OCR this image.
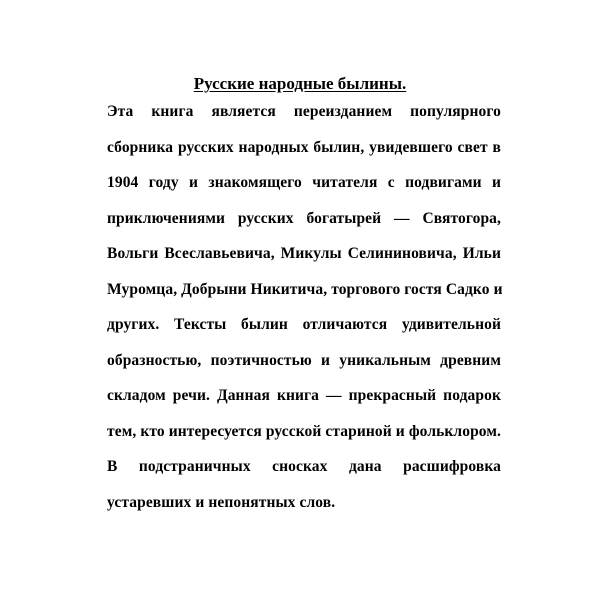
Русские народные былины.
Эта книга является переизданием популярного
сборника русских народных былин, увидевшего свет в
1904 году и знакомящего читателя с подвигами и
приключениями русских богатырей — Святогора,
Вольги Всеславьевича, Микулы Селининовича, Ильи
Муромца, Добрыни Никитича, торгового гостя Садко и
других. Тексты былин отличаются удивительной
образностью, поэтичностью и уникальным древним
складом речи. Данная книга — прекрасный подарок
тем, кто интересуется русской стариной и фольклором.
В подстраничных сносках дана расшифровка
устаревших и непонятных слов.
